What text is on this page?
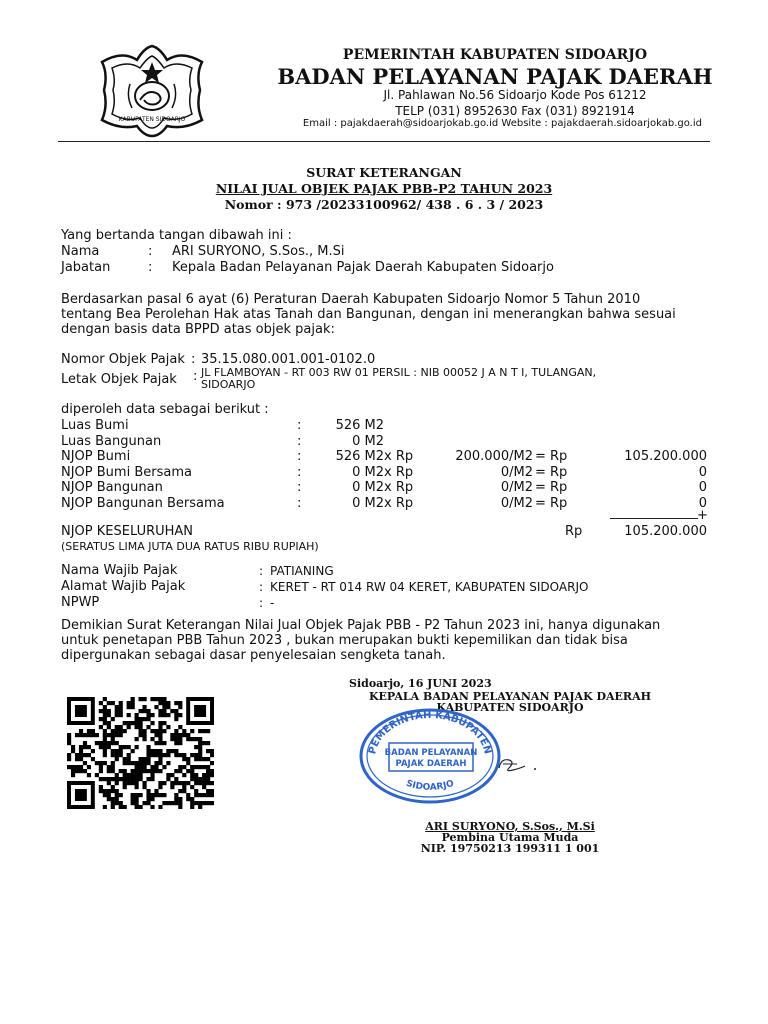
KABUPATEN SIDOARJO
PEMERINTAH KABUPATEN SIDOARJO
BADAN PELAYANAN PAJAK DAERAH
Jl. Pahlawan No.56 Sidoarjo Kode Pos 61212
TELP (031) 8952630 Fax (031) 8921914
Email : pajakdaerah@sidoarjokab.go.id Website : pajakdaerah.sidoarjokab.go.id
SURAT KETERANGAN
NILAI JUAL OBJEK PAJAK PBB-P2 TAHUN 2023
Nomor : 973 /20233100962/ 438 . 6 . 3 / 2023
Yang bertanda tangan dibawah ini :
Nama	: ARI SURYONO, S.Sos., M.Si
Jabatan	: Kepala Badan Pelayanan Pajak Daerah Kabupaten Sidoarjo
Berdasarkan pasal 6 ayat (6) Peraturan Daerah Kabupaten Sidoarjo Nomor 5 Tahun 2010
tentang Bea Perolehan Hak atas Tanah dan Bangunan, dengan ini menerangkan bahwa sesuai
dengan basis data BPPD atas objek pajak:
Nomor Objek Pajak : 35.15.080.001.001-0102.0
Letak Objek Pajak : JL FLAMBOYAN - RT 003 RW 01 PERSIL : NIB 00052 J A N T I, TULANGAN,
SIDOARJO
diperoleh data sebagai berikut :
Luas Bumi	:	526 M2
Luas Bangunan	:	0 M2
NJOP Bumi	:	526 M2 x Rp	200.000/M2 = Rp	105.200.000
NJOP Bumi Bersama	:	0 M2 x Rp	0/M2 = Rp	0
NJOP Bangunan	:	0 M2 x Rp	0/M2 = Rp	0
NJOP Bangunan Bersama	:	0 M2 x Rp	0/M2 = Rp	0
+
NJOP KESELURUHAN	Rp	105.200.000
(SERATUS LIMA JUTA DUA RATUS RIBU RUPIAH)
Nama Wajib Pajak	: PATIANING
Alamat Wajib Pajak	: KERET - RT 014 RW 04 KERET, KABUPATEN SIDOARJO
NPWP	: -
Demikian Surat Keterangan Nilai Jual Objek Pajak PBB - P2 Tahun 2023 ini, hanya digunakan
untuk penetapan PBB Tahun 2023 , bukan merupakan bukti kepemilikan dan tidak bisa
dipergunakan sebagai dasar penyelesaian sengketa tanah.
Sidoarjo, 16 JUNI 2023
KEPALA BADAN PELAYANAN PAJAK DAERAH
KABUPATEN SIDOARJO
PEMERINTAH KABUPATEN
SIDOARJO
BADAN PELAYANAN
PAJAK DAERAH
ARI SURYONO, S.Sos., M.Si
Pembina Utama Muda
NIP. 19750213 199311 1 001
